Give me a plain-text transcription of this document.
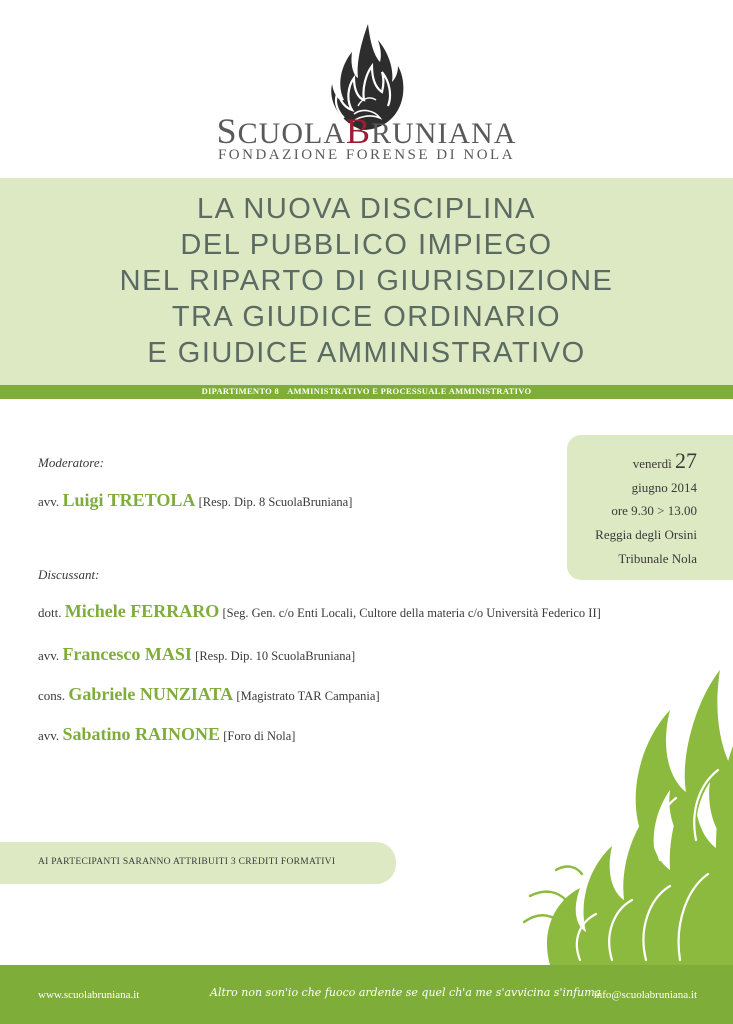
SCUOLABRUNIANA
FONDAZIONE FORENSE DI NOLA
LA NUOVA DISCIPLINA
DEL PUBBLICO IMPIEGO
NEL RIPARTO DI GIURISDIZIONE
TRA GIUDICE ORDINARIO
E GIUDICE AMMINISTRATIVO
DIPARTIMENTO 8 AMMINISTRATIVO E PROCESSUALE AMMINISTRATIVO
venerdì 27
giugno 2014
ore 9.30 > 13.00
Reggia degli Orsini
Tribunale Nola
Moderatore:
avv. Luigi TRETOLA [Resp. Dip. 8 ScuolaBruniana]
Discussant:
dott. Michele FERRARO [Seg. Gen. c/o Enti Locali, Cultore della materia c/o Università Federico II]
avv. Francesco MASI [Resp. Dip. 10 ScuolaBruniana]
cons. Gabriele NUNZIATA [Magistrato TAR Campania]
avv. Sabatino RAINONE [Foro di Nola]
AI PARTECIPANTI SARANNO ATTRIBUITI 3 CREDITI FORMATIVI
www.scuolabruniana.it	Altro non son'io che fuoco ardente se quel ch'a me s'avvicina s'infuma
info@scuolabruniana.it
